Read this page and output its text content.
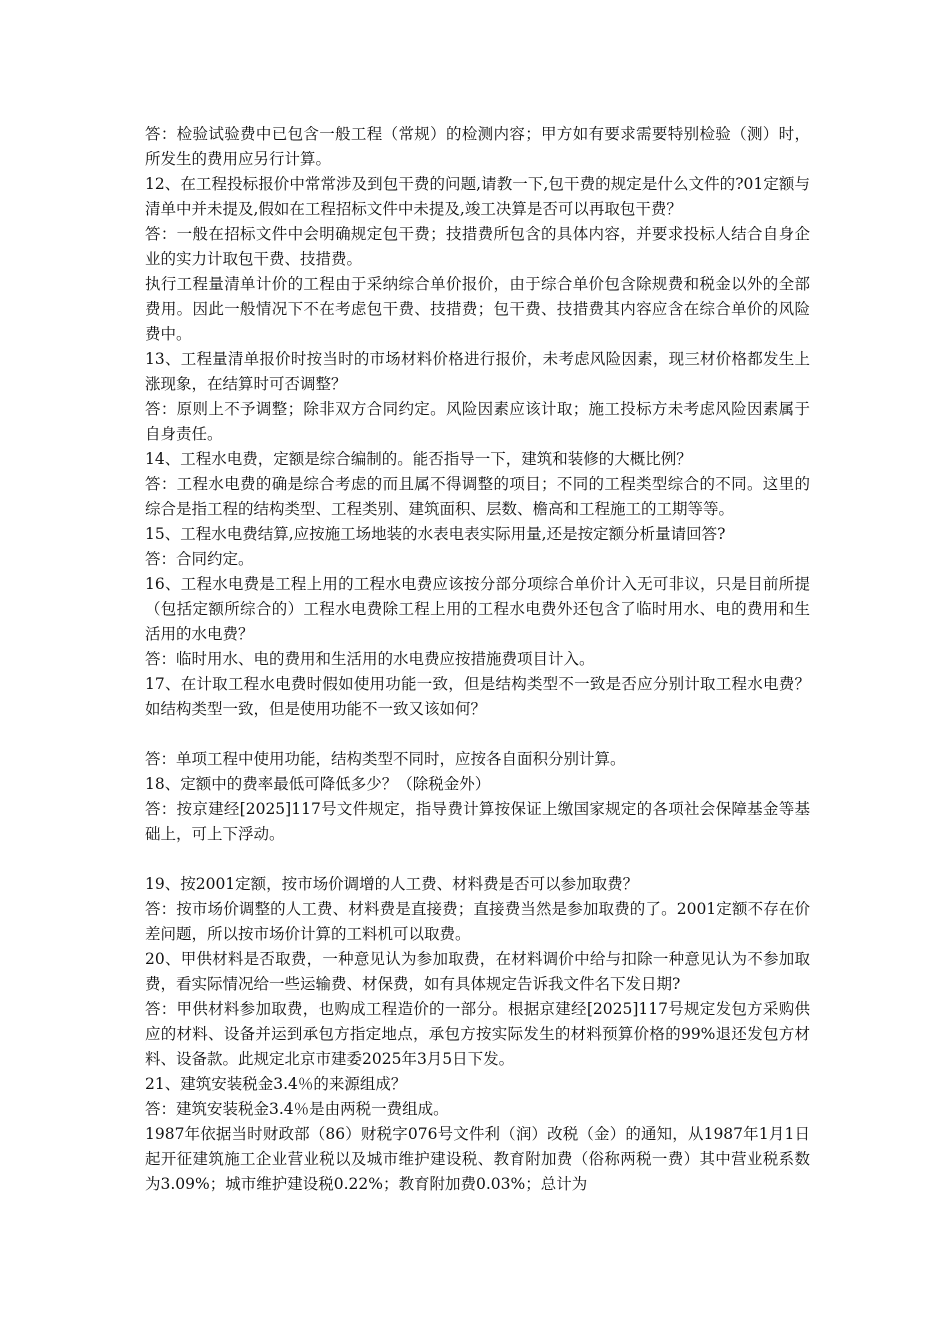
答：检验试验费中已包含一般工程（常规）的检测内容；甲方如有要求需要特别检验（测）时，所发生的费用应另行计算。

12、在工程投标报价中常常涉及到包干费的问题,请教一下,包干费的规定是什么文件的?01定额与清单中并未提及,假如在工程招标文件中未提及,竣工决算是否可以再取包干费？

答：一般在招标文件中会明确规定包干费；技措费所包含的具体内容，并要求投标人结合自身企业的实力计取包干费、技措费。

执行工程量清单计价的工程由于采纳综合单价报价，由于综合单价包含除规费和税金以外的全部费用。因此一般情况下不在考虑包干费、技措费；包干费、技措费其内容应含在综合单价的风险费中。

13、工程量清单报价时按当时的市场材料价格进行报价，未考虑风险因素，现三材价格都发生上涨现象，在结算时可否调整？

答：原则上不予调整；除非双方合同约定。风险因素应该计取；施工投标方未考虑风险因素属于自身责任。

14、工程水电费，定额是综合编制的。能否指导一下，建筑和装修的大概比例？

答：工程水电费的确是综合考虑的而且属不得调整的项目；不同的工程类型综合的不同。这里的综合是指工程的结构类型、工程类别、建筑面积、层数、檐高和工程施工的工期等等。

15、工程水电费结算,应按施工场地装的水表电表实际用量,还是按定额分析量请回答?

答：合同约定。

16、工程水电费是工程上用的工程水电费应该按分部分项综合单价计入无可非议，只是目前所提（包括定额所综合的）工程水电费除工程上用的工程水电费外还包含了临时用水、电的费用和生活用的水电费？

答：临时用水、电的费用和生活用的水电费应按措施费项目计入。

17、在计取工程水电费时假如使用功能一致，但是结构类型不一致是否应分别计取工程水电费？如结构类型一致，但是使用功能不一致又该如何？

答：单项工程中使用功能，结构类型不同时，应按各自面积分别计算。

18、定额中的费率最低可降低多少？（除税金外）

答：按京建经[2025]117号文件规定，指导费计算按保证上缴国家规定的各项社会保障基金等基础上，可上下浮动。

19、按2001定额，按市场价调增的人工费、材料费是否可以参加取费？

答：按市场价调整的人工费、材料费是直接费；直接费当然是参加取费的了。2001定额不存在价差问题，所以按市场价计算的工料机可以取费。

20、甲供材料是否取费，一种意见认为参加取费，在材料调价中给与扣除一种意见认为不参加取费，看实际情况给一些运输费、材保费，如有具体规定告诉我文件名下发日期?

答：甲供材料参加取费，也购成工程造价的一部分。根据京建经[2025]117号规定发包方采购供应的材料、设备并运到承包方指定地点，承包方按实际发生的材料预算价格的99%退还发包方材料、设备款。此规定北京市建委2025年3月5日下发。

21、建筑安装税金3.4％的来源组成？

答：建筑安装税金3.4％是由两税一费组成。

1987年依据当时财政部（86）财税字076号文件利（润）改税（金）的通知，从1987年1月1日起开征建筑施工企业营业税以及城市维护建设税、教育附加费（俗称两税一费）其中营业税系数为3.09%；城市维护建设税0.22%；教育附加费0.03%；总计为
